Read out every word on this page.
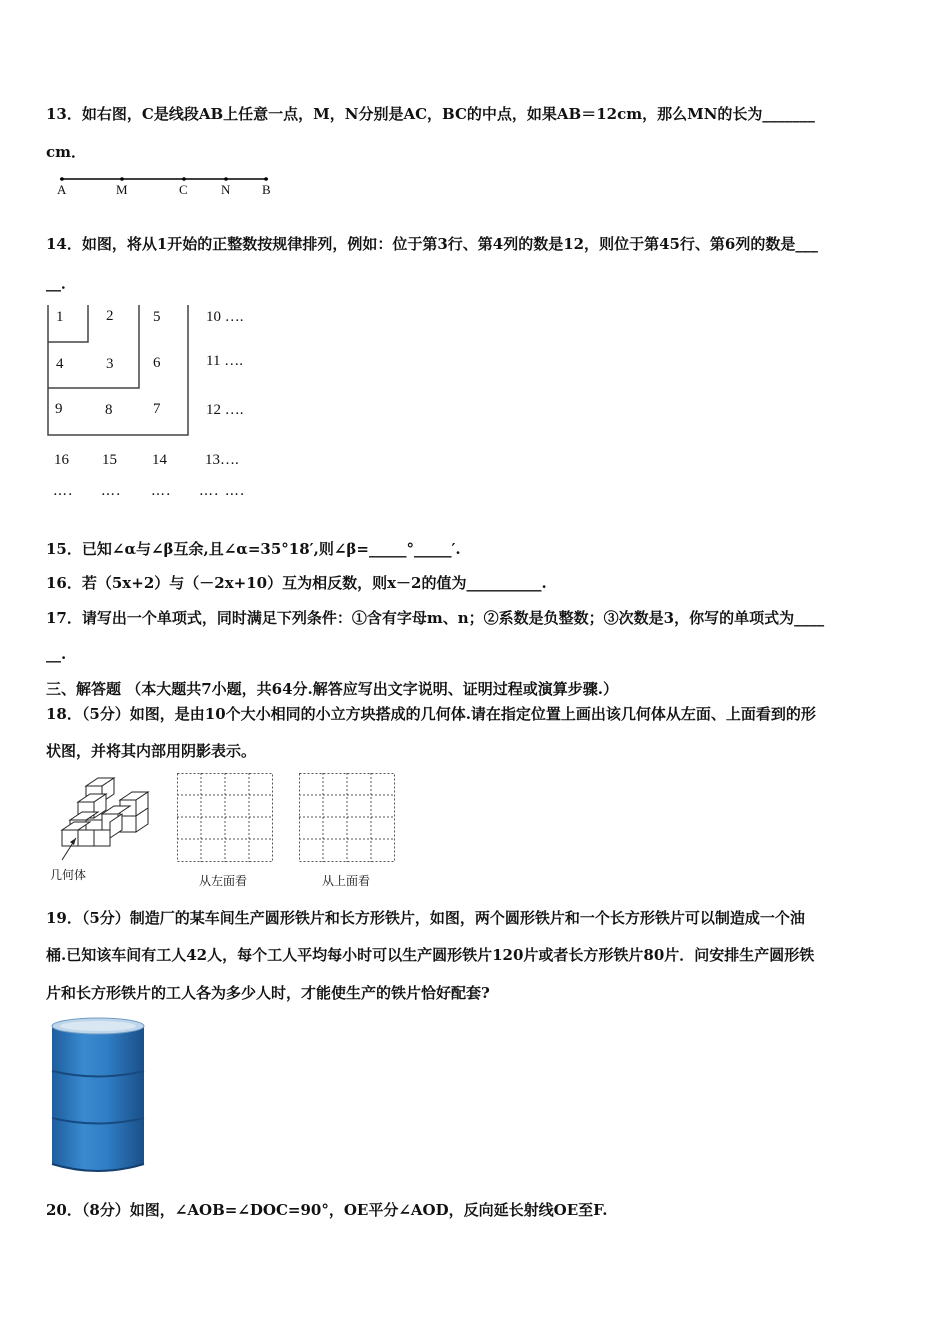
13．如右图，C是线段AB上任意一点，M，N分别是AC，BC的中点，如果AB＝12cm，那么MN的长为_______
cm．
A	M	C	N B
14．如图，将从1开始的正整数按规律排列，例如：位于第3行、第4列的数是12，则位于第45行、第6列的数是___
__．
1	2	5	10 ….
4	3	6	11 ….
9	8	7	12 ….
16 15 14	13….
…. …. …. …. ….
15．已知∠α与∠β互余,且∠α=35°18′,则∠β=_____°_____′.
16．若（5x+2）与（－2x+10）互为相反数，则x－2的值为__________.
17．请写出一个单项式，同时满足下列条件：①含有字母m、n；②系数是负整数；③次数是3，你写的单项式为____
__.
三、解答题 （本大题共7小题，共64分.解答应写出文字说明、证明过程或演算步骤.）
18．（5分）如图，是由10个大小相同的小立方块搭成的几何体.请在指定位置上画出该几何体从左面、上面看到的形
状图，并将其内部用阴影表示。
几何体	从左面看	从上面看
19．（5分）制造厂的某车间生产圆形铁片和长方形铁片，如图，两个圆形铁片和一个长方形铁片可以制造成一个油
桶.已知该车间有工人42人，每个工人平均每小时可以生产圆形铁片120片或者长方形铁片80片．问安排生产圆形铁
片和长方形铁片的工人各为多少人时，才能使生产的铁片恰好配套?
20．（8分）如图，∠AOB=∠DOC=90°，OE平分∠AOD，反向延长射线OE至F.
